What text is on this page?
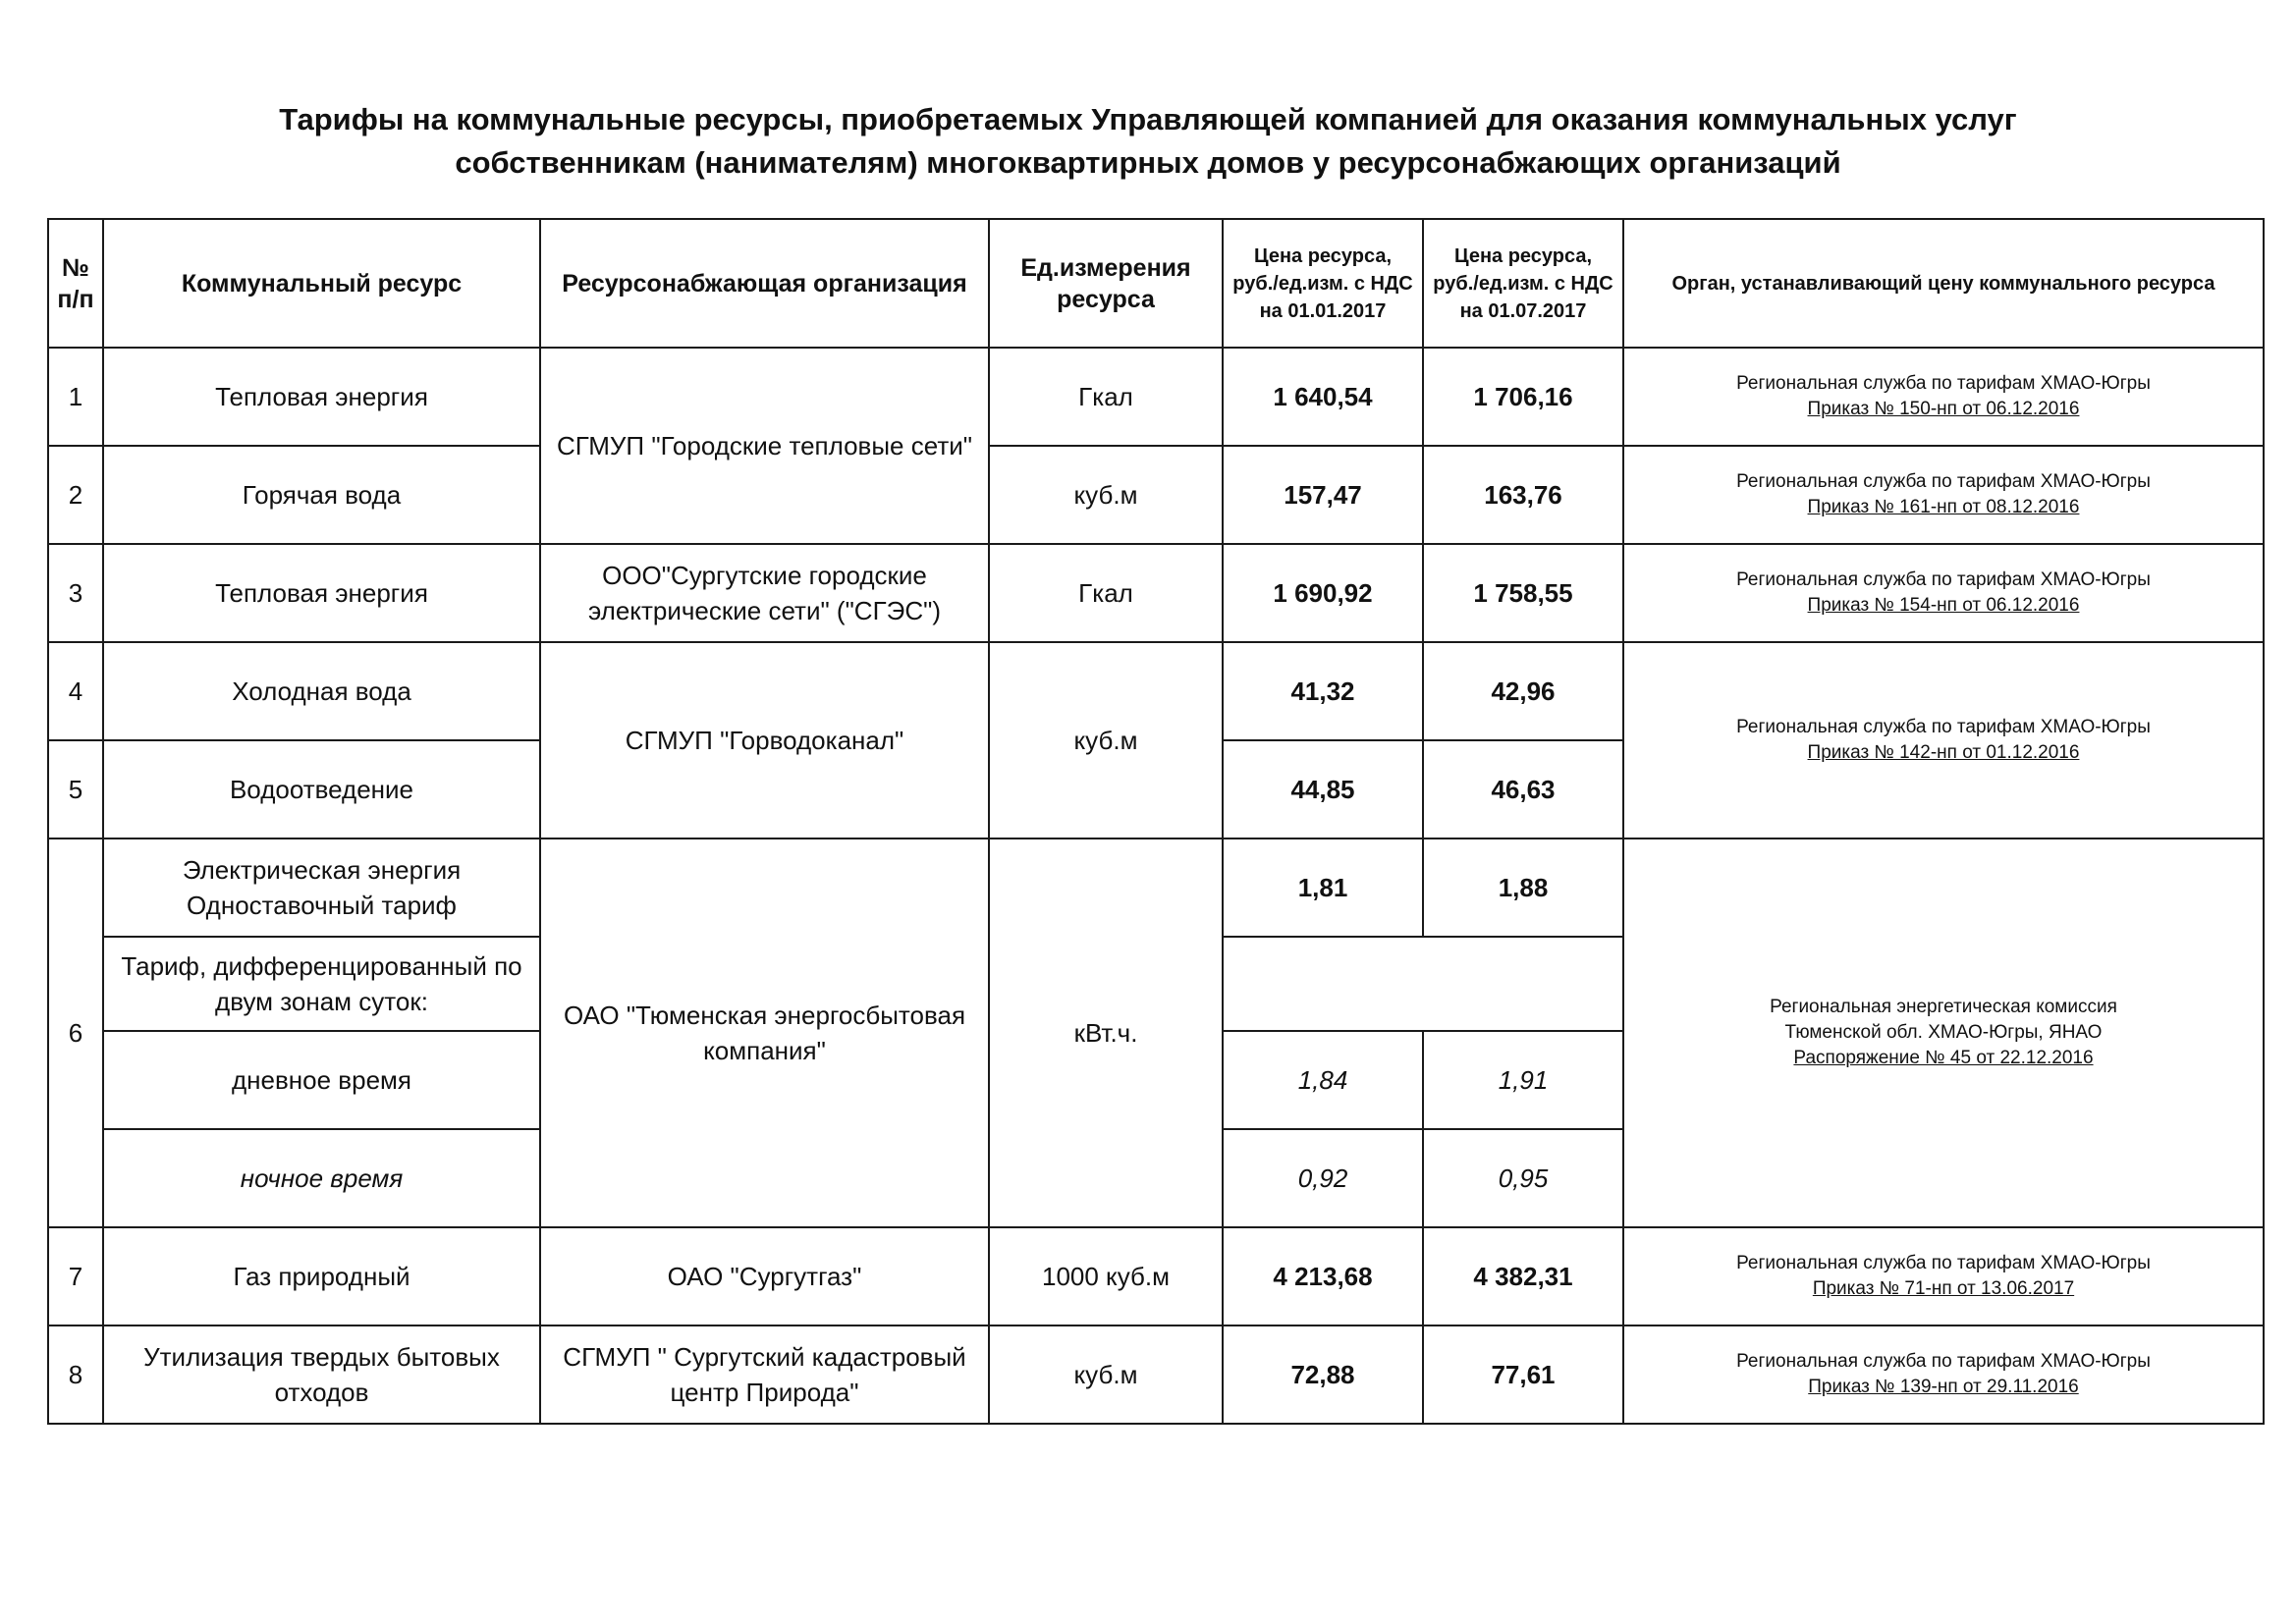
Тарифы на коммунальные ресурсы, приобретаемых Управляющей компанией для оказания коммунальных услуг
собственникам (нанимателям) многоквартирных домов у ресурсонабжающих организаций
№ п/п	Коммунальный ресурс	Ресурсонабжающая организация	Ед.измерения ресурса	Цена ресурса, руб./ед.изм. с НДС на 01.01.2017	Цена ресурса, руб./ед.изм. с НДС на 01.07.2017	Орган, устанавливающий цену коммунального ресурса
1	Тепловая энергия	СГМУП "Городские тепловые сети"	Гкал	1 640,54	1 706,16	Региональная служба по тарифам ХМАО-Югры
Приказ № 150-нп от 06.12.2016

2	Горячая вода		куб.м	157,47	163,76	Региональная служба по тарифам ХМАО-Югры
Приказ № 161-нп от 08.12.2016

3	Тепловая энергия	ООО"Сургутские городские электрические сети" ("СГЭС")	Гкал	1 690,92	1 758,55	Региональная служба по тарифам ХМАО-Югры
Приказ № 154-нп от 06.12.2016

4	Холодная вода	СГМУП "Горводоканал"	куб.м	41,32	42,96	Региональная служба по тарифам ХМАО-Югры
Приказ № 142-нп от 01.12.2016

5	Водоотведение			44,85	46,63	
6	Электрическая энергия Одноставочный тариф	ОАО "Тюменская энергосбытовая компания"	кВт.ч.	1,81	1,88	Региональная энергетическая комиссия
Тюменской обл. ХМАО-Югры, ЯНАО
Распоряжение № 45 от 22.12.2016

	Тариф, дифференцированный по двум зонам суток:					
	дневное время			1,84	1,91	
	ночное время			0,92	0,95	
7	Газ природный	ОАО "Сургутгаз"	1000 куб.м	4 213,68	4 382,31	Региональная служба по тарифам ХМАО-Югры
Приказ № 71-нп от 13.06.2017

8	Утилизация твердых бытовых отходов	СГМУП " Сургутский кадастровый центр Природа"	куб.м	72,88	77,61	Региональная служба по тарифам ХМАО-Югры
Приказ № 139-нп от 29.11.2016
